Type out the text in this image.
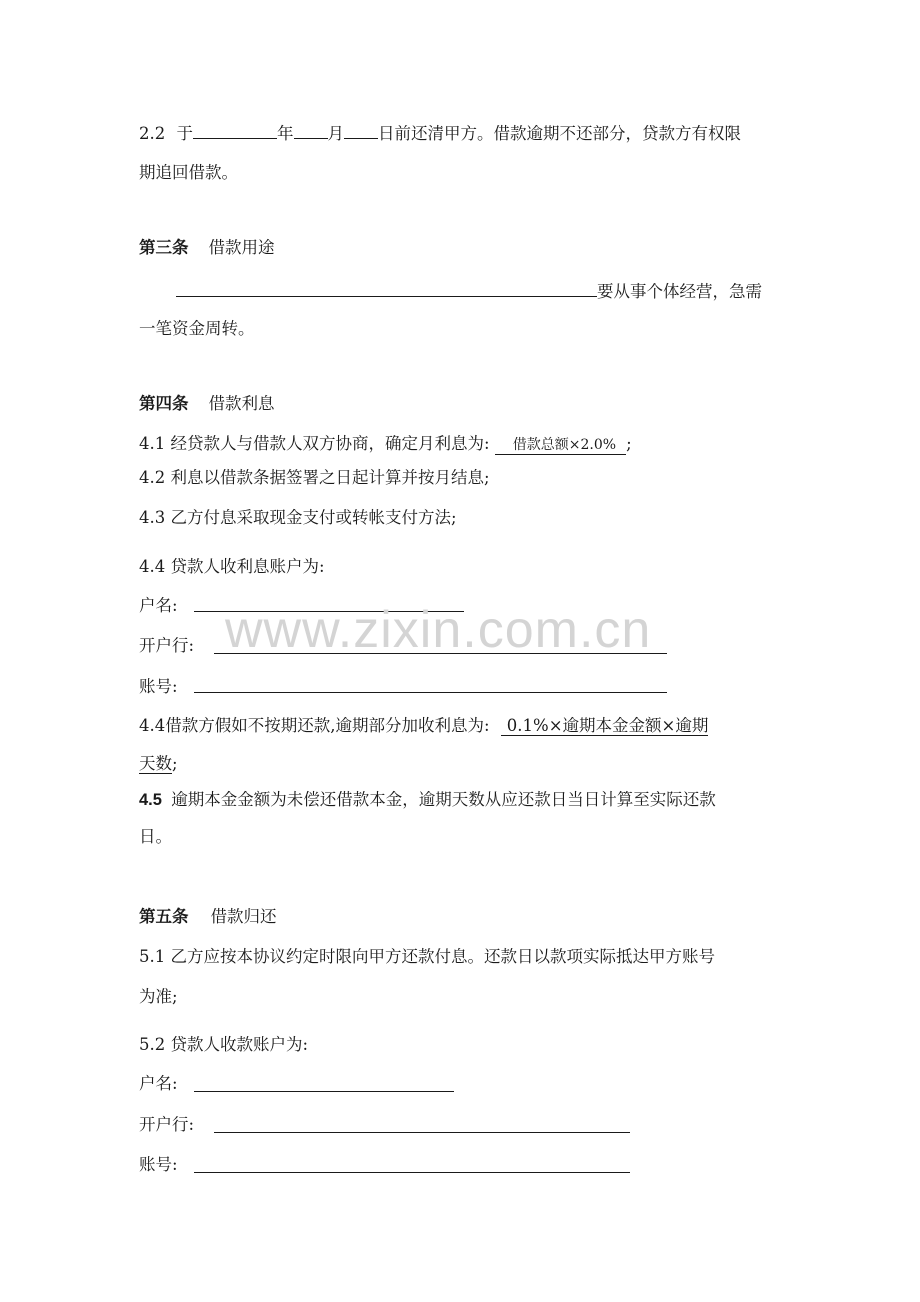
2.2 于	年 月 日前还清甲方。借款逾期不还部分，贷款方有权限
期追回借款。
第三条 借款用途
要从事个体经营，急需
一笔资金周转。
第四条 借款利息
4.1 经贷款人与借款人双方协商，确定月利息为: 借款总额×2.0% ;
4.2 利息以借款条据签署之日起计算并按月结息;
4.3 乙方付息采取现金支付或转帐支付方法;
4.4 贷款人收利息账户为:
户名:
开户行:
账号:
4.4借款方假如不按期还款,逾期部分加收利息为: 0.1%×逾期本金金额×逾期
天数;
4.5 逾期本金金额为未偿还借款本金，逾期天数从应还款日当日计算至实际还款
日。
第五条 借款归还
5.1 乙方应按本协议约定时限向甲方还款付息。还款日以款项实际抵达甲方账号
为准;
5.2 贷款人收款账户为:
户名:
开户行:
账号:
www.zixin.com.cn
